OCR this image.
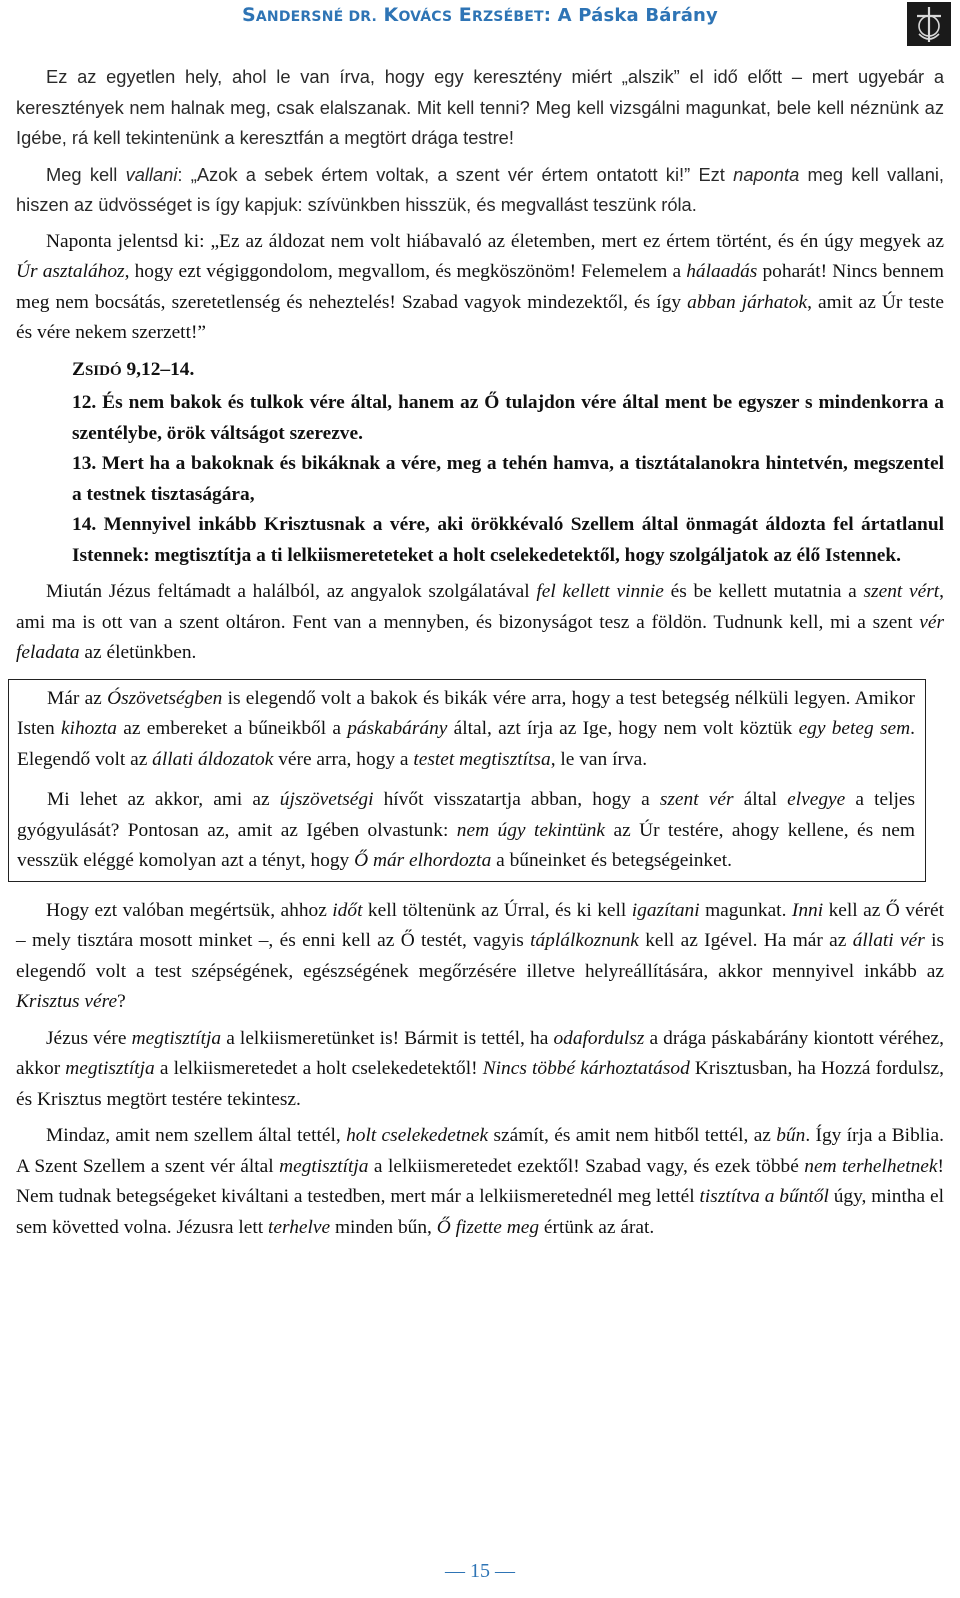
SANDERSNÉ DR. KOVÁCS ERZSÉBET: A Páska Bárány

Ez az egyetlen hely, ahol le van írva, hogy egy keresztény miért „alszik” el idő előtt – mert ugyebár a keresztények nem halnak meg, csak elalszanak. Mit kell tenni? Meg kell vizsgálni magunkat, bele kell néznünk az Igébe, rá kell tekintenünk a keresztfán a megtört drága testre!

Meg kell vallani: „Azok a sebek értem voltak, a szent vér értem ontatott ki!” Ezt naponta meg kell vallani, hiszen az üdvösséget is így kapjuk: szívünkben hisszük, és megvallást teszünk róla.

Naponta jelentsd ki: „Ez az áldozat nem volt hiábavaló az életemben, mert ez értem történt, és én úgy megyek az Úr asztalához, hogy ezt végiggondolom, megvallom, és megköszönöm! Felemelem a hálaadás poharát! Nincs bennem meg nem bocsátás, szeretetlenség és neheztelés! Szabad vagyok mindezektől, és így abban járhatok, amit az Úr teste és vére nekem szerzett!”

ZSIDÓ 9,12–14.
12. És nem bakok és tulkok vére által, hanem az Ő tulajdon vére által ment be egyszer s mindenkorra a szentélybe, örök váltságot szerezve.
13. Mert ha a bakoknak és bikáknak a vére, meg a tehén hamva, a tisztátalanokra hintetvén, megszentel a testnek tisztaságára,
14. Mennyivel inkább Krisztusnak a vére, aki örökkévaló Szellem által önmagát áldozta fel ártatlanul Istennek: megtisztítja a ti lelkiismereteteket a holt cselekedetektől, hogy szolgáljatok az élő Istennek.

Miután Jézus feltámadt a halálból, az angyalok szolgálatával fel kellett vinnie és be kellett mutatnia a szent vért, ami ma is ott van a szent oltáron. Fent van a mennyben, és bizonyságot tesz a földön. Tudnunk kell, mi a szent vér feladata az életünkben.

Már az Ószövetségben is elegendő volt a bakok és bikák vére arra, hogy a test betegség nélküli legyen. Amikor Isten kihozta az embereket a bűneikből a páskabárány által, azt írja az Ige, hogy nem volt köztük egy beteg sem. Elegendő volt az állati áldozatok vére arra, hogy a testet megtisztítsa, le van írva.

Mi lehet az akkor, ami az újszövetségi hívőt visszatartja abban, hogy a szent vér által elvegye a teljes gyógyulását? Pontosan az, amit az Igében olvastunk: nem úgy tekintünk az Úr testére, ahogy kellene, és nem vesszük eléggé komolyan azt a tényt, hogy Ő már elhordozta a bűneinket és betegségeinket.

Hogy ezt valóban megértsük, ahhoz időt kell töltenünk az Úrral, és ki kell igazítani magunkat. Inni kell az Ő vérét – mely tisztára mosott minket –, és enni kell az Ő testét, vagyis táplálkoznunk kell az Igével. Ha már az állati vér is elegendő volt a test szépségének, egészségének megőrzésére illetve helyreállítására, akkor mennyivel inkább az Krisztus vére?

Jézus vére megtisztítja a lelkiismeretünket is! Bármit is tettél, ha odafordulsz a drága páskabárány kiontott véréhez, akkor megtisztítja a lelkiismeretedet a holt cselekedetektől! Nincs többé kárhoztatásod Krisztusban, ha Hozzá fordulsz, és Krisztus megtört testére tekintesz.

Mindaz, amit nem szellem által tettél, holt cselekedetnek számít, és amit nem hitből tettél, az bűn. Így írja a Biblia. A Szent Szellem a szent vér által megtisztítja a lelkiismeretedet ezektől! Szabad vagy, és ezek többé nem terhelhetnek! Nem tudnak betegségeket kiváltani a testedben, mert már a lelkiismeretednél meg lettél tisztítva a bűntől úgy, mintha el sem követted volna. Jézusra lett terhelve minden bűn, Ő fizette meg értünk az árat.

— 15 —
